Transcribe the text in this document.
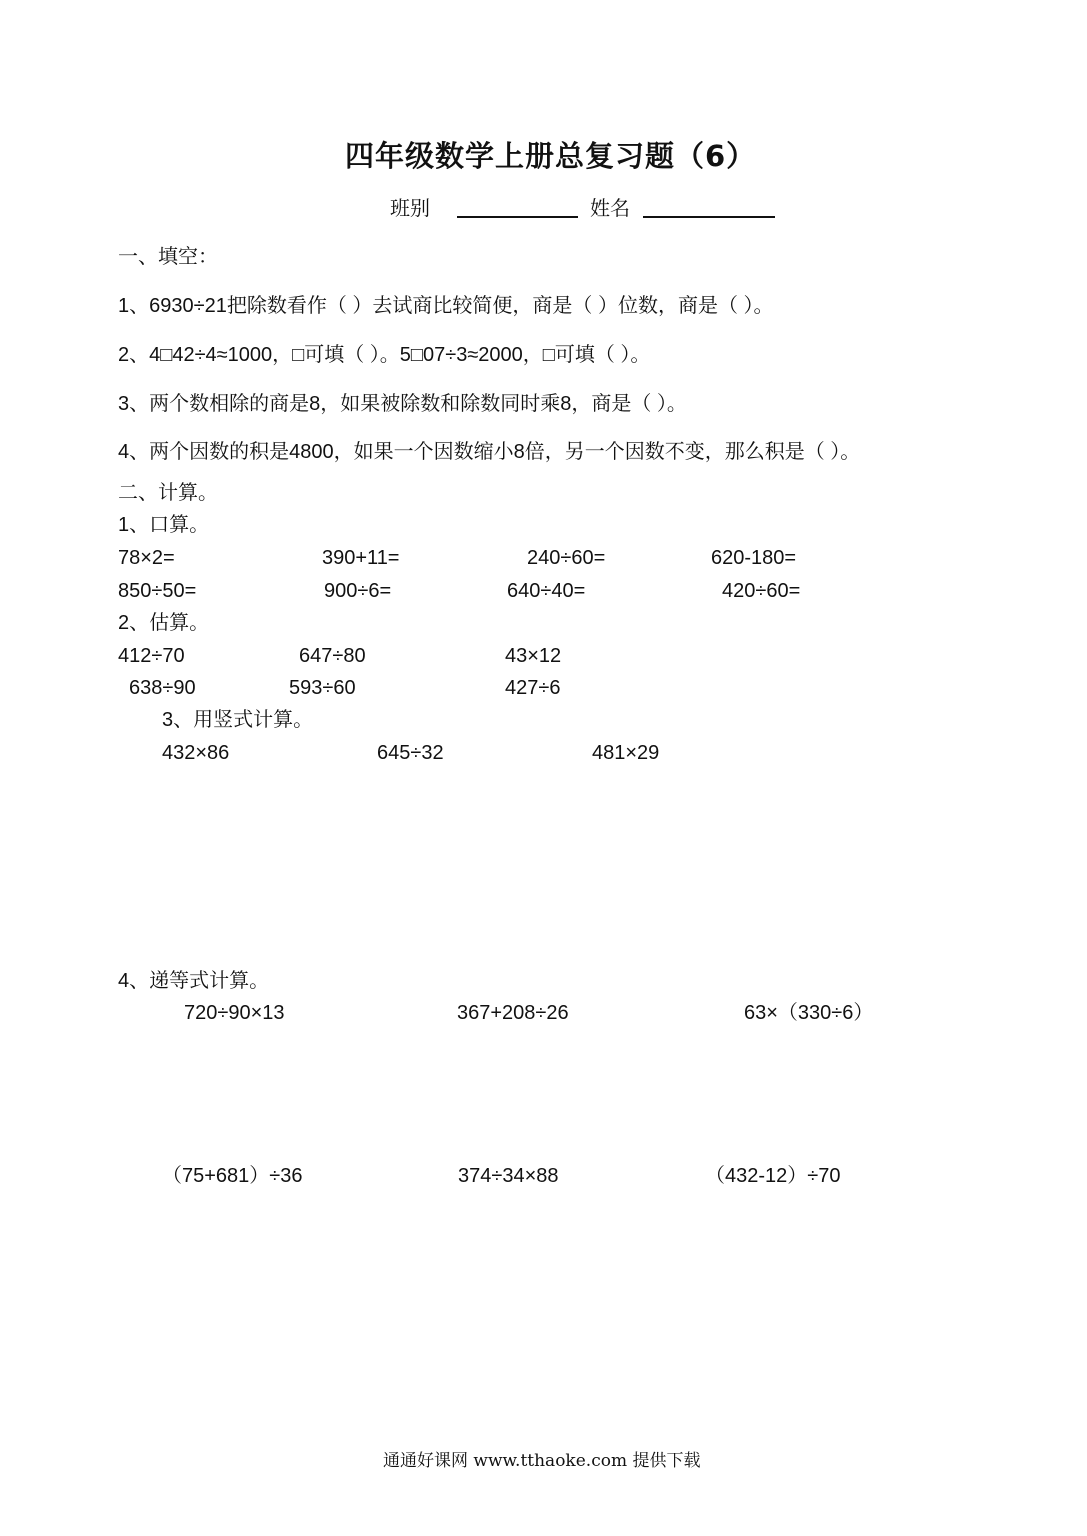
四年级数学上册总复习题（6）
班别	姓名
一、填空：
1、6930÷21把除数看作（ ）去试商比较简便，商是（ ）位数，商是（ ）。
2、4□42÷4≈1000，□可填（ ）。5□07÷3≈2000，□可填（ ）。
3、两个数相除的商是8，如果被除数和除数同时乘8，商是（ ）。
4、两个因数的积是4800，如果一个因数缩小8倍，另一个因数不变，那么积是（ ）。
二、计算。
1、口算。
78×2=	390+11=	240÷60=	620-180=
850÷50=	900÷6=	640÷40=	420÷60=
2、估算。
412÷70	647÷80	43×12
638÷90	593÷60	427÷6
3、用竖式计算。
432×86	645÷32	481×29
4、递等式计算。
720÷90×13	367+208÷26	63×（330÷6）
（75+681）÷36	374÷34×88	（432-12）÷70
通通好课网 www.tthaoke.com 提供下载
